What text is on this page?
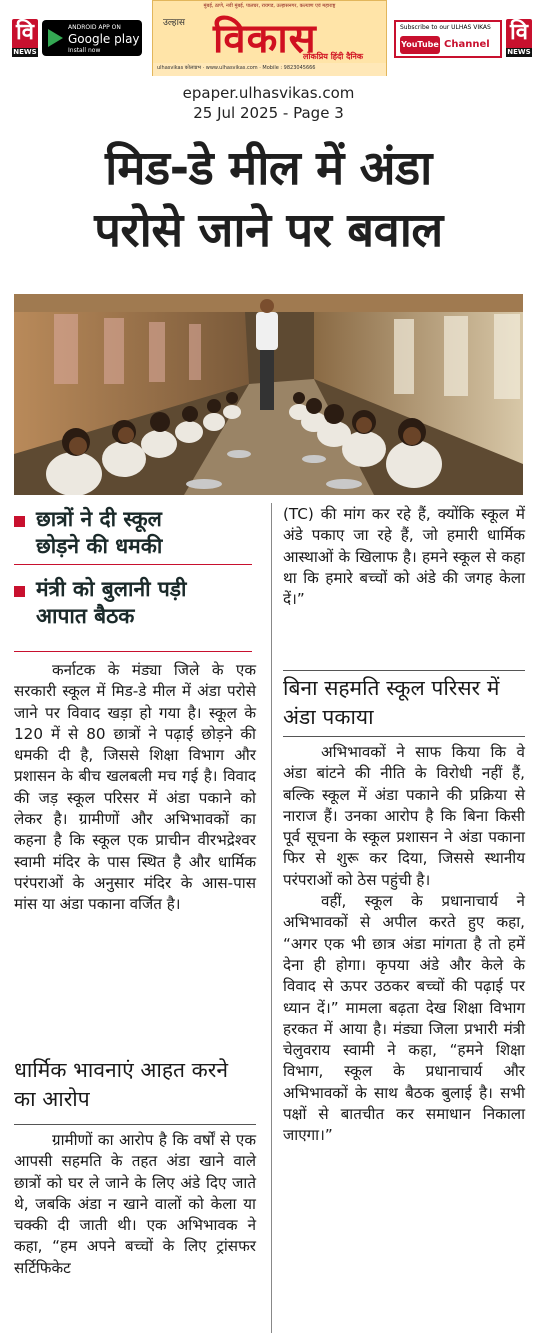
वि
NEWS
ANDROID APP ON
Google play
Install now
मुंबई, ठाणे, नवी मुंबई, पालघर, रायगड, उल्हासनगर, कल्याण एवं महाराष्ट्र
उल्हास विकास
लोकप्रिय हिंदी दैनिक
ulhasvikas कोलाप्रभ · www.ulhasvikas.com · Mobile : 9823045666
Subscribe to our ULHAS VIKAS
YouTube Channel वि
NEWS
epaper.ulhasvikas.com
25 Jul 2025 - Page 3
मिड-डे मील में अंडा
परोसे जाने पर बवाल
छात्रों ने दी स्कूल
छोड़ने की धमकी
मंत्री को बुलानी पड़ी
आपात बैठक

कर्नाटक के मंड्या जिले के एक सरकारी स्कूल में मिड-डे मील में अंडा परोसे जाने पर विवाद खड़ा हो गया है। स्कूल के 120 में से 80 छात्रों ने पढ़ाई छोड़ने की धमकी दी है, जिससे शिक्षा विभाग और प्रशासन के बीच खलबली मच गई है। विवाद की जड़ स्कूल परिसर में अंडा पकाने को लेकर है। ग्रामीणों और अभिभावकों का कहना है कि स्कूल एक प्राचीन वीरभद्रेश्वर स्वामी मंदिर के पास स्थित है और धार्मिक परंपराओं के अनुसार मंदिर के आस-पास मांस या अंडा पकाना वर्जित है।

धार्मिक भावनाएं आहत करने का आरोप

ग्रामीणों का आरोप है कि वर्षों से एक आपसी सहमति के तहत अंडा खाने वाले छात्रों को घर ले जाने के लिए अंडे दिए जाते थे, जबकि अंडा न खाने वालों को केला या चक्की दी जाती थी। एक अभिभावक ने कहा, “हम अपने बच्चों के लिए ट्रांसफर सर्टिफिकेट

(TC) की मांग कर रहे हैं, क्योंकि स्कूल में अंडे पकाए जा रहे हैं, जो हमारी धार्मिक आस्थाओं के खिलाफ है। हमने स्कूल से कहा था कि हमारे बच्चों को अंडे की जगह केला दें।”

बिना सहमति स्कूल परिसर में अंडा पकाया

अभिभावकों ने साफ किया कि वे अंडा बांटने की नीति के विरोधी नहीं हैं, बल्कि स्कूल में अंडा पकाने की प्रक्रिया से नाराज हैं। उनका आरोप है कि बिना किसी पूर्व सूचना के स्कूल प्रशासन ने अंडा पकाना फिर से शुरू कर दिया, जिससे स्थानीय परंपराओं को ठेस पहुंची है।

वहीं, स्कूल के प्रधानाचार्य ने अभिभावकों से अपील करते हुए कहा, “अगर एक भी छात्र अंडा मांगता है तो हमें देना ही होगा। कृपया अंडे और केले के विवाद से ऊपर उठकर बच्चों की पढ़ाई पर ध्यान दें।” मामला बढ़ता देख शिक्षा विभाग हरकत में आया है। मंड्या जिला प्रभारी मंत्री चेलुवराय स्वामी ने कहा, “हमने शिक्षा विभाग, स्कूल के प्रधानाचार्य और अभिभावकों के साथ बैठक बुलाई है। सभी पक्षों से बातचीत कर समाधान निकाला जाएगा।”
